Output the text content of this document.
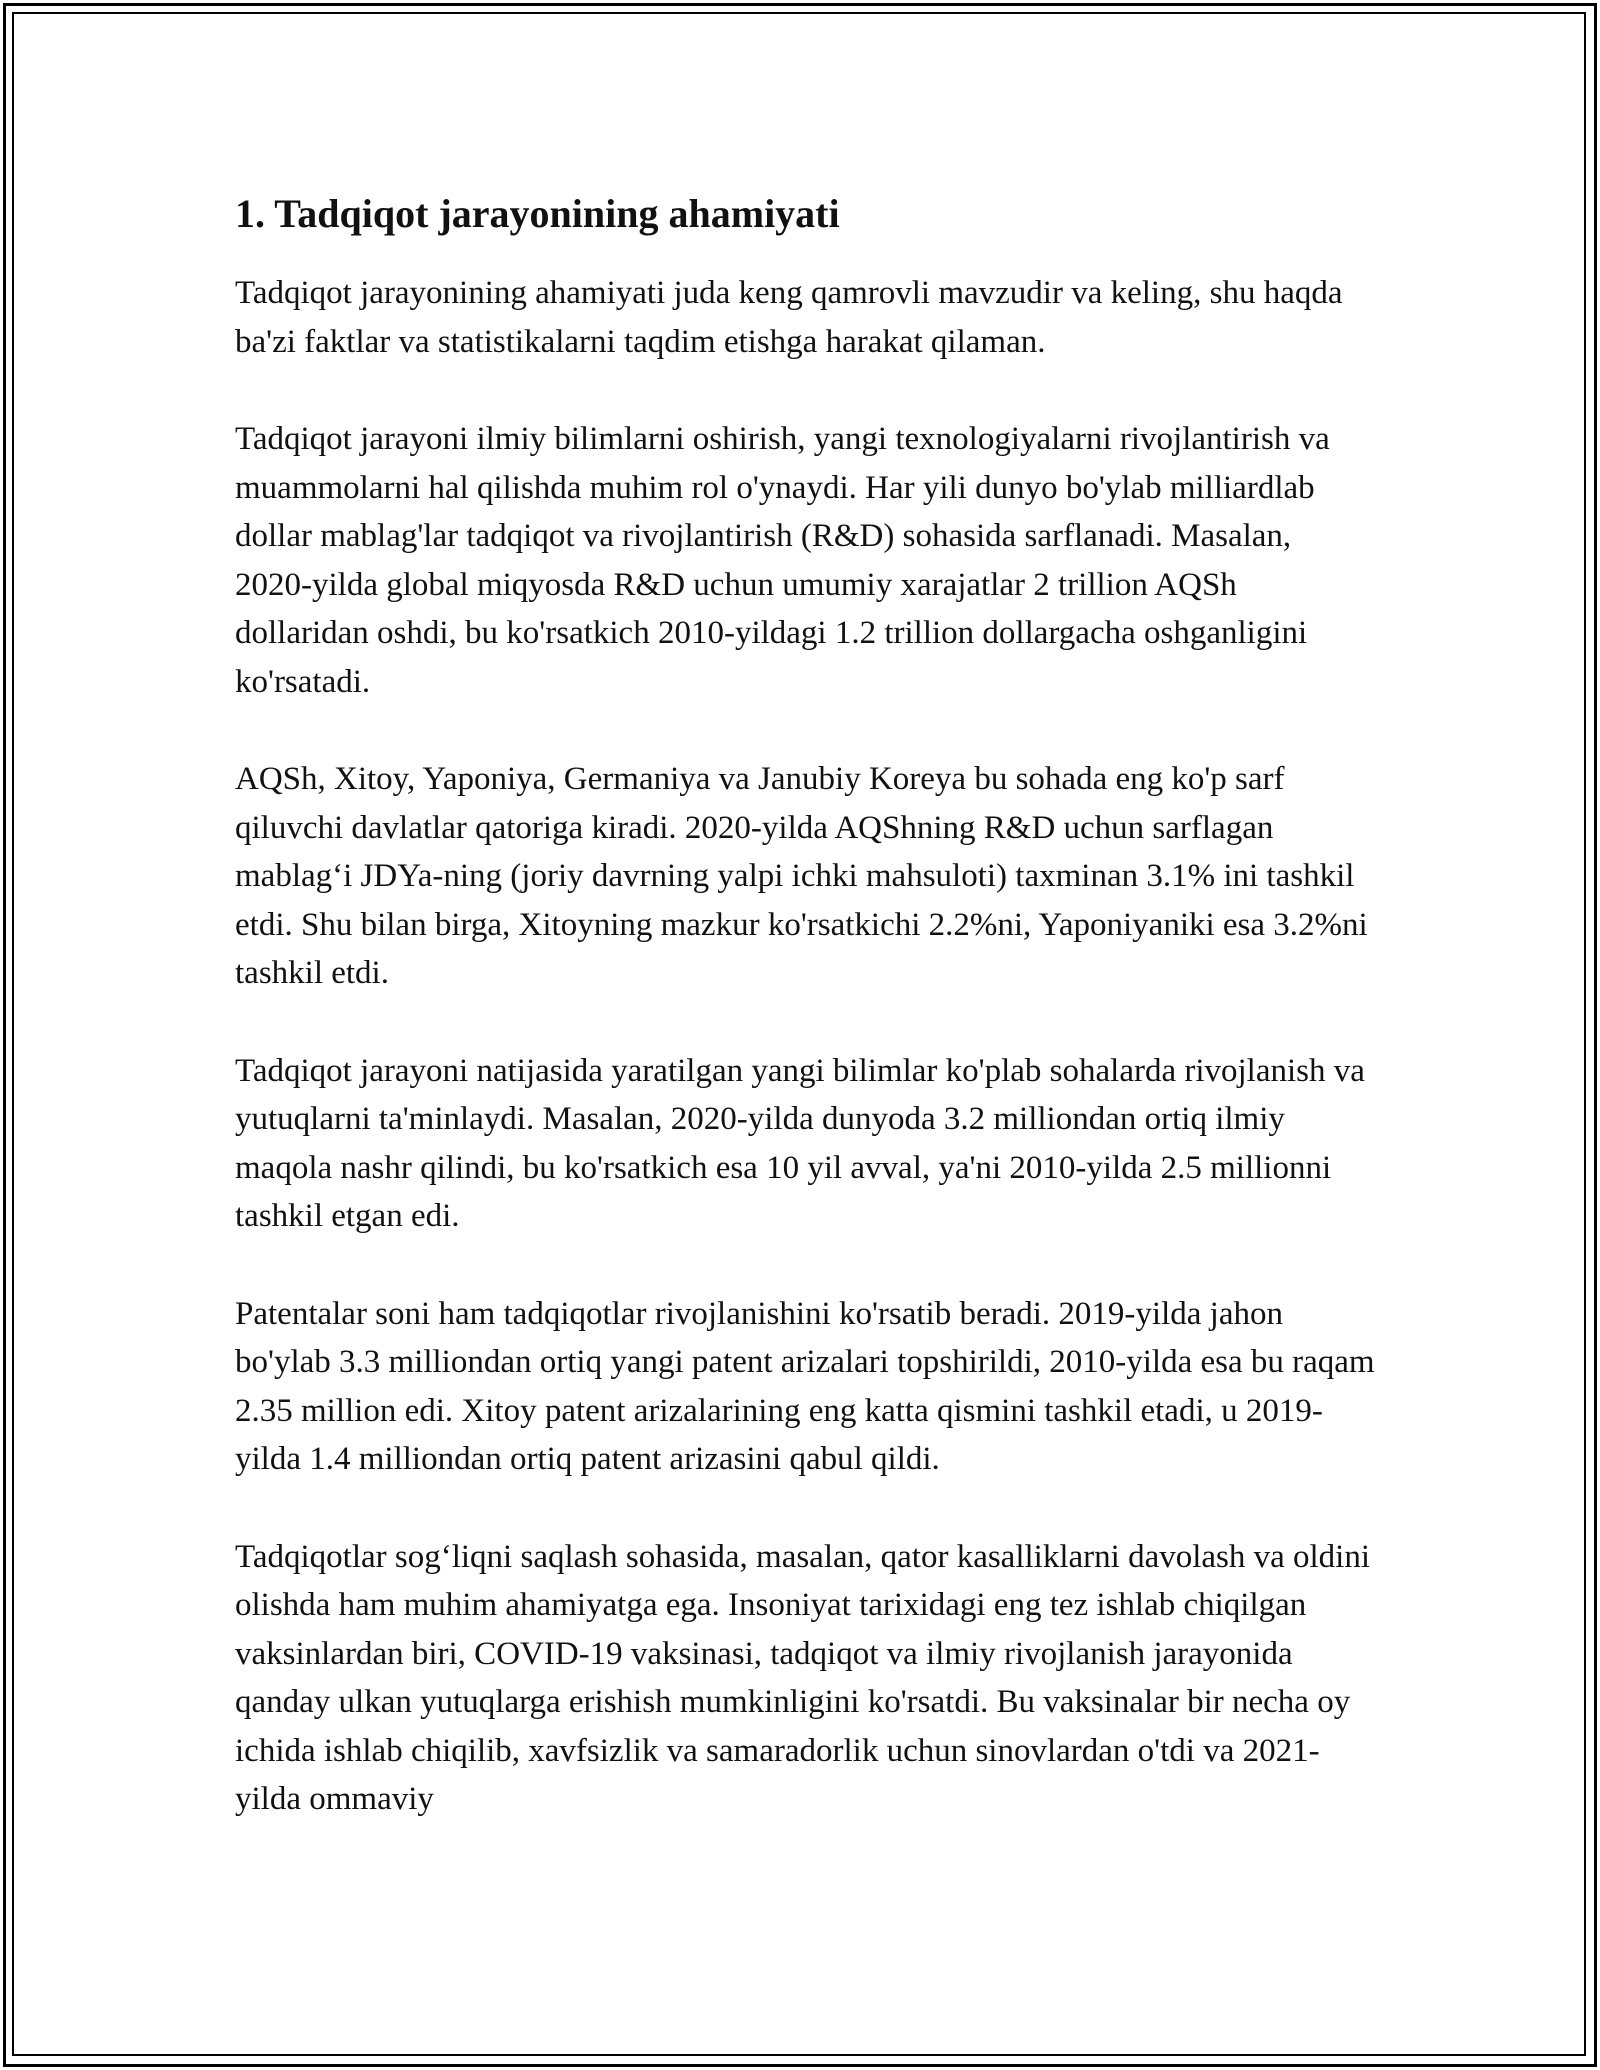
1. Tadqiqot jarayonining ahamiyati

Tadqiqot jarayonining ahamiyati juda keng qamrovli mavzudir va keling, shu haqda ba'zi faktlar va statistikalarni taqdim etishga harakat qilaman.

Tadqiqot jarayoni ilmiy bilimlarni oshirish, yangi texnologiyalarni rivojlantirish va muammolarni hal qilishda muhim rol o'ynaydi. Har yili dunyo bo'ylab milliardlab dollar mablag'lar tadqiqot va rivojlantirish (R&D) sohasida sarflanadi. Masalan, 2020-yilda global miqyosda R&D uchun umumiy xarajatlar 2 trillion AQSh dollaridan oshdi, bu ko'rsatkich 2010-yildagi 1.2 trillion dollargacha oshganligini ko'rsatadi.

AQSh, Xitoy, Yaponiya, Germaniya va Janubiy Koreya bu sohada eng ko'p sarf qiluvchi davlatlar qatoriga kiradi. 2020-yilda AQShning R&D uchun sarflagan mablag‘i JDYa-ning (joriy davrning yalpi ichki mahsuloti) taxminan 3.1% ini tashkil etdi. Shu bilan birga, Xitoyning mazkur ko'rsatkichi 2.2%ni, Yaponiyaniki esa 3.2%ni tashkil etdi.

Tadqiqot jarayoni natijasida yaratilgan yangi bilimlar ko'plab sohalarda rivojlanish va yutuqlarni ta'minlaydi. Masalan, 2020-yilda dunyoda 3.2 milliondan ortiq ilmiy maqola nashr qilindi, bu ko'rsatkich esa 10 yil avval, ya'ni 2010-yilda 2.5 millionni tashkil etgan edi.

Patentalar soni ham tadqiqotlar rivojlanishini ko'rsatib beradi. 2019-yilda jahon bo'ylab 3.3 milliondan ortiq yangi patent arizalari topshirildi, 2010-yilda esa bu raqam 2.35 million edi. Xitoy patent arizalarining eng katta qismini tashkil etadi, u 2019-yilda 1.4 milliondan ortiq patent arizasini qabul qildi.

Tadqiqotlar sog‘liqni saqlash sohasida, masalan, qator kasalliklarni davolash va oldini olishda ham muhim ahamiyatga ega. Insoniyat tarixidagi eng tez ishlab chiqilgan vaksinlardan biri, COVID-19 vaksinasi, tadqiqot va ilmiy rivojlanish jarayonida qanday ulkan yutuqlarga erishish mumkinligini ko'rsatdi. Bu vaksinalar bir necha oy ichida ishlab chiqilib, xavfsizlik va samaradorlik uchun sinovlardan o'tdi va 2021-yilda ommaviy
